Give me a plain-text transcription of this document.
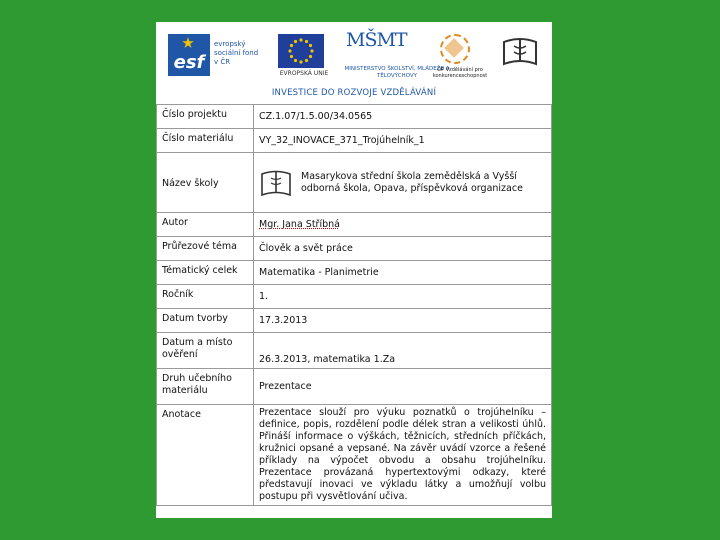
esf
evropský sociální fond v ČR
EVROPSKÁ UNIE
MŠMT
MINISTERSTVO ŠKOLSTVÍ, MLÁDEŽE A TĚLOVÝCHOVY
OP Vzdělávání pro konkurenceschopnost
INVESTICE DO ROZVOJE VZDĚLÁVÁNÍ
Číslo projektu	CZ.1.07/1.5.00/34.0565
Číslo materiálu	VY_32_INOVACE_371_Trojúhelník_1
Název školy	Masarykova střední škola zemědělská a Vyšší odborná škola, Opava, příspěvková organizace

Autor	Mgr. Jana Stříbná
Průřezové téma	Člověk a svět práce
Tématický celek	Matematika - Planimetrie
Ročník	1.
Datum tvorby	17.3.2013
Datum a místo ověření	26.3.2013, matematika 1.Za
Druh učebního materiálu	Prezentace
Anotace	Prezentace slouží pro výuku poznatků o trojúhelníku – definice, popis, rozdělení podle délek stran a velikosti úhlů. Přináší informace o výškách, těžnicích, středních příčkách, kružnici opsané a vepsané. Na závěr uvádí vzorce a řešené příklady na výpočet obvodu a obsahu trojúhelníku. Prezentace provázaná hypertextovými odkazy, které představují inovaci ve výkladu látky a umožňují volbu postupu při vysvětlování učiva.
